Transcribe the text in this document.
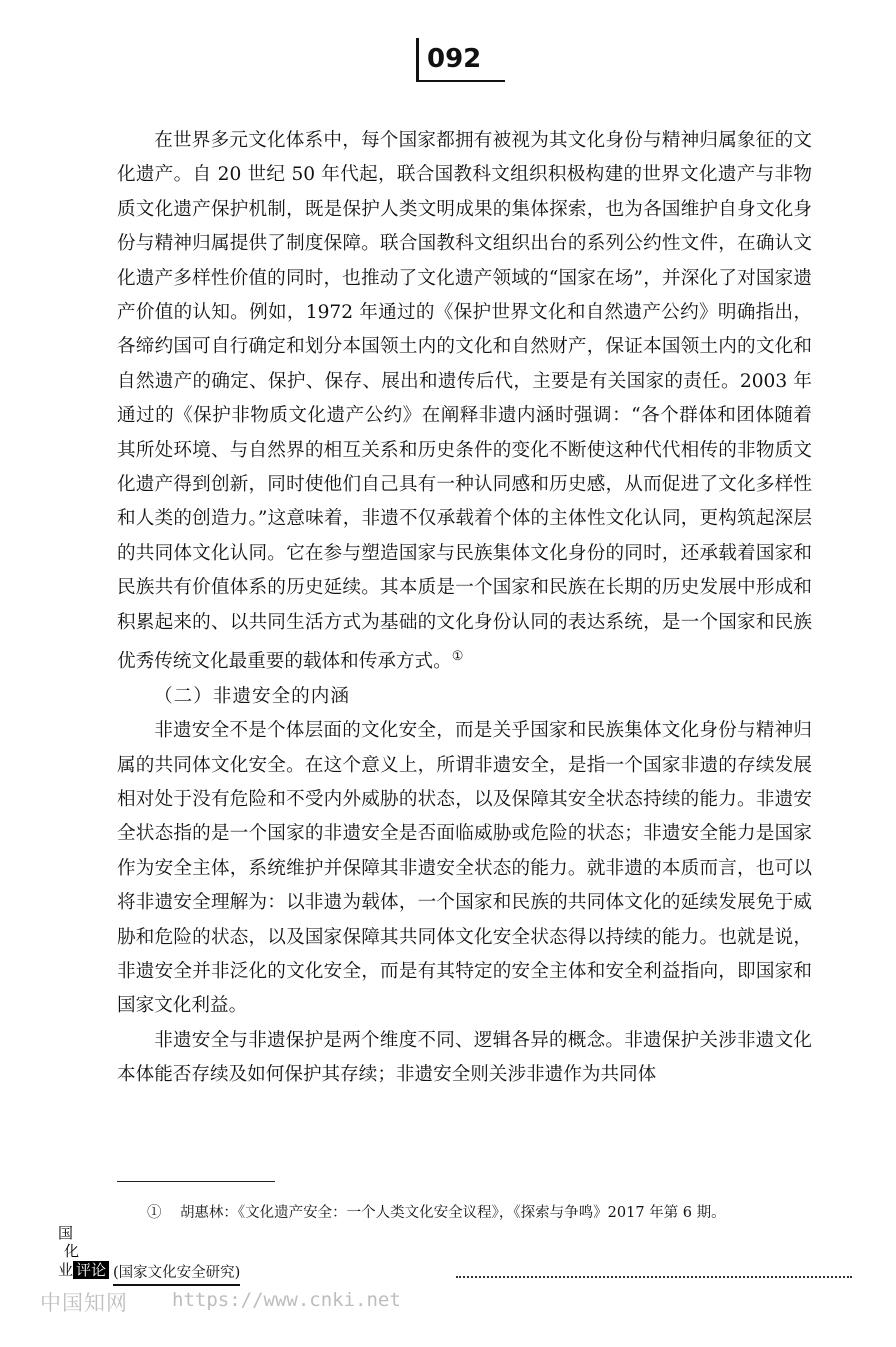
092

在世界多元文化体系中，每个国家都拥有被视为其文化身份与精神归属象征的文化遗产。自 20 世纪 50 年代起，联合国教科文组织积极构建的世界文化遗产与非物质文化遗产保护机制，既是保护人类文明成果的集体探索，也为各国维护自身文化身份与精神归属提供了制度保障。联合国教科文组织出台的系列公约性文件，在确认文化遗产多样性价值的同时，也推动了文化遗产领域的“国家在场”，并深化了对国家遗产价值的认知。例如，1972 年通过的《保护世界文化和自然遗产公约》明确指出，各缔约国可自行确定和划分本国领土内的文化和自然财产，保证本国领土内的文化和自然遗产的确定、保护、保存、展出和遗传后代，主要是有关国家的责任。2003 年通过的《保护非物质文化遗产公约》在阐释非遗内涵时强调：“各个群体和团体随着其所处环境、与自然界的相互关系和历史条件的变化不断使这种代代相传的非物质文化遗产得到创新，同时使他们自己具有一种认同感和历史感，从而促进了文化多样性和人类的创造力。”这意味着，非遗不仅承载着个体的主体性文化认同，更构筑起深层的共同体文化认同。它在参与塑造国家与民族集体文化身份的同时，还承载着国家和民族共有价值体系的历史延续。其本质是一个国家和民族在长期的历史发展中形成和积累起来的、以共同生活方式为基础的文化身份认同的表达系统，是一个国家和民族优秀传统文化最重要的载体和传承方式。①

（二）非遗安全的内涵

非遗安全不是个体层面的文化安全，而是关乎国家和民族集体文化身份与精神归属的共同体文化安全。在这个意义上，所谓非遗安全，是指一个国家非遗的存续发展相对处于没有危险和不受内外威胁的状态，以及保障其安全状态持续的能力。非遗安全状态指的是一个国家的非遗安全是否面临威胁或危险的状态；非遗安全能力是国家作为安全主体，系统维护并保障其非遗安全状态的能力。就非遗的本质而言，也可以将非遗安全理解为：以非遗为载体，一个国家和民族的共同体文化的延续发展免于威胁和危险的状态，以及国家保障其共同体文化安全状态得以持续的能力。也就是说，非遗安全并非泛化的文化安全，而是有其特定的安全主体和安全利益指向，即国家和国家文化利益。

非遗安全与非遗保护是两个维度不同、逻辑各异的概念。非遗保护关涉非遗文化本体能否存续及如何保护其存续；非遗安全则关涉非遗作为共同体

① 胡惠林：《文化遗产安全：一个人类文化安全议程》，《探索与争鸣》2017 年第 6 期。
国
化
业 评论 (国家文化安全研究)
中国知网 https://www.cnki.net
